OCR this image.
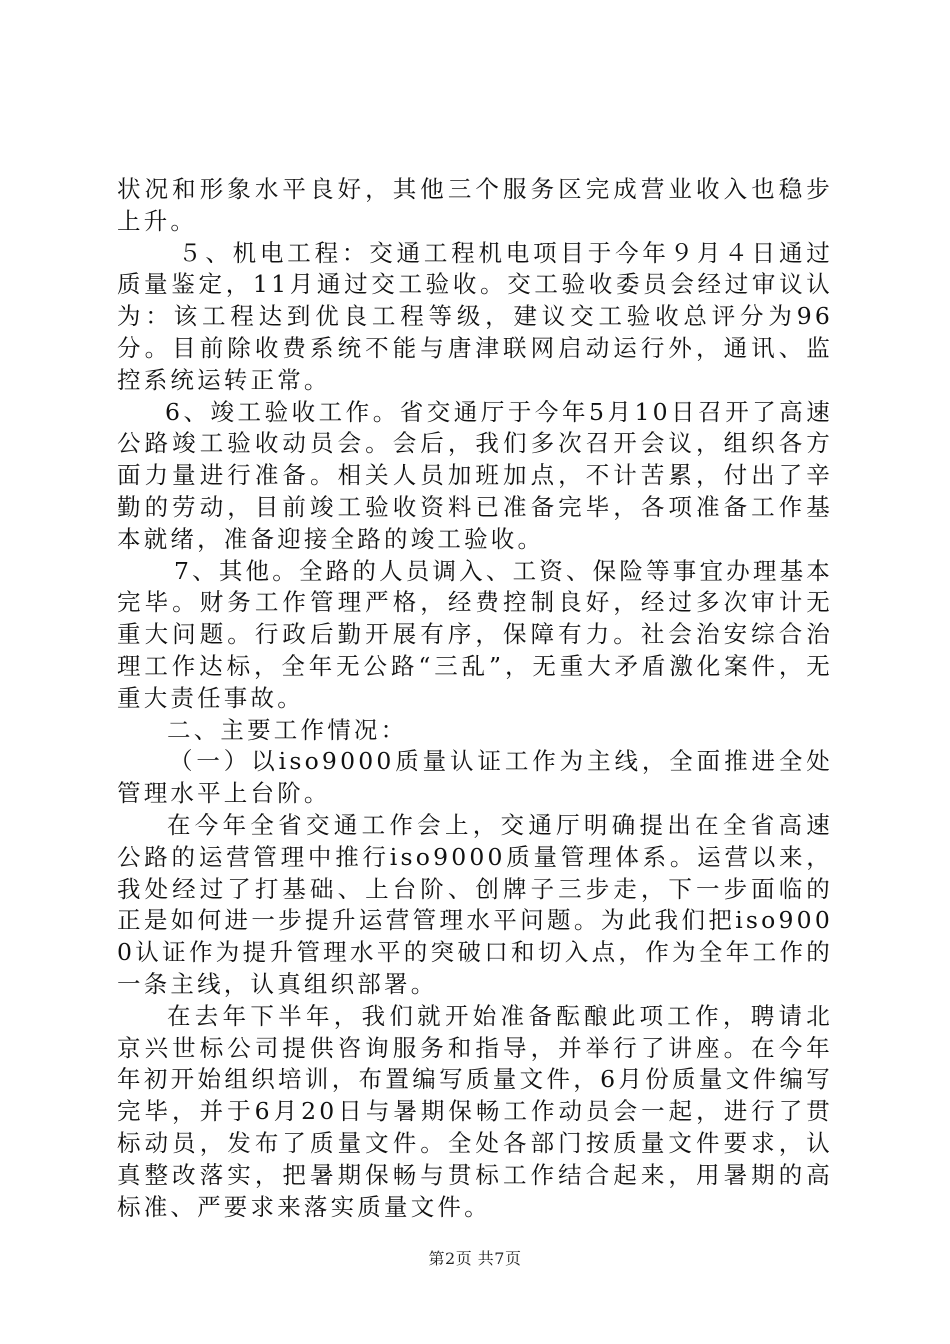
状况和形象水平良好，其他三个服务区完成营业收入也稳步上升。

５、机电工程：交通工程机电项目于今年９月４日通过质量鉴定，11月通过交工验收。交工验收委员会经过审议认为：该工程达到优良工程等级，建议交工验收总评分为96分。目前除收费系统不能与唐津联网启动运行外，通讯、监控系统运转正常。

6、竣工验收工作。省交通厅于今年5月10日召开了高速公路竣工验收动员会。会后，我们多次召开会议，组织各方面力量进行准备。相关人员加班加点，不计苦累，付出了辛勤的劳动，目前竣工验收资料已准备完毕，各项准备工作基本就绪，准备迎接全路的竣工验收。

7、其他。全路的人员调入、工资、保险等事宜办理基本完毕。财务工作管理严格，经费控制良好，经过多次审计无重大问题。行政后勤开展有序，保障有力。社会治安综合治理工作达标，全年无公路“三乱”，无重大矛盾激化案件，无重大责任事故。

二、主要工作情况：

（一）以iso9000质量认证工作为主线，全面推进全处管理水平上台阶。

在今年全省交通工作会上，交通厅明确提出在全省高速公路的运营管理中推行iso9000质量管理体系。运营以来，我处经过了打基础、上台阶、创牌子三步走，下一步面临的正是如何进一步提升运营管理水平问题。为此我们把iso9000认证作为提升管理水平的突破口和切入点，作为全年工作的一条主线，认真组织部署。

在去年下半年，我们就开始准备酝酿此项工作，聘请北京兴世标公司提供咨询服务和指导，并举行了讲座。在今年年初开始组织培训，布置编写质量文件，6月份质量文件编写完毕，并于6月20日与暑期保畅工作动员会一起，进行了贯标动员，发布了质量文件。全处各部门按质量文件要求，认真整改落实，把暑期保畅与贯标工作结合起来，用暑期的高标准、严要求来落实质量文件。

第2页 共7页
